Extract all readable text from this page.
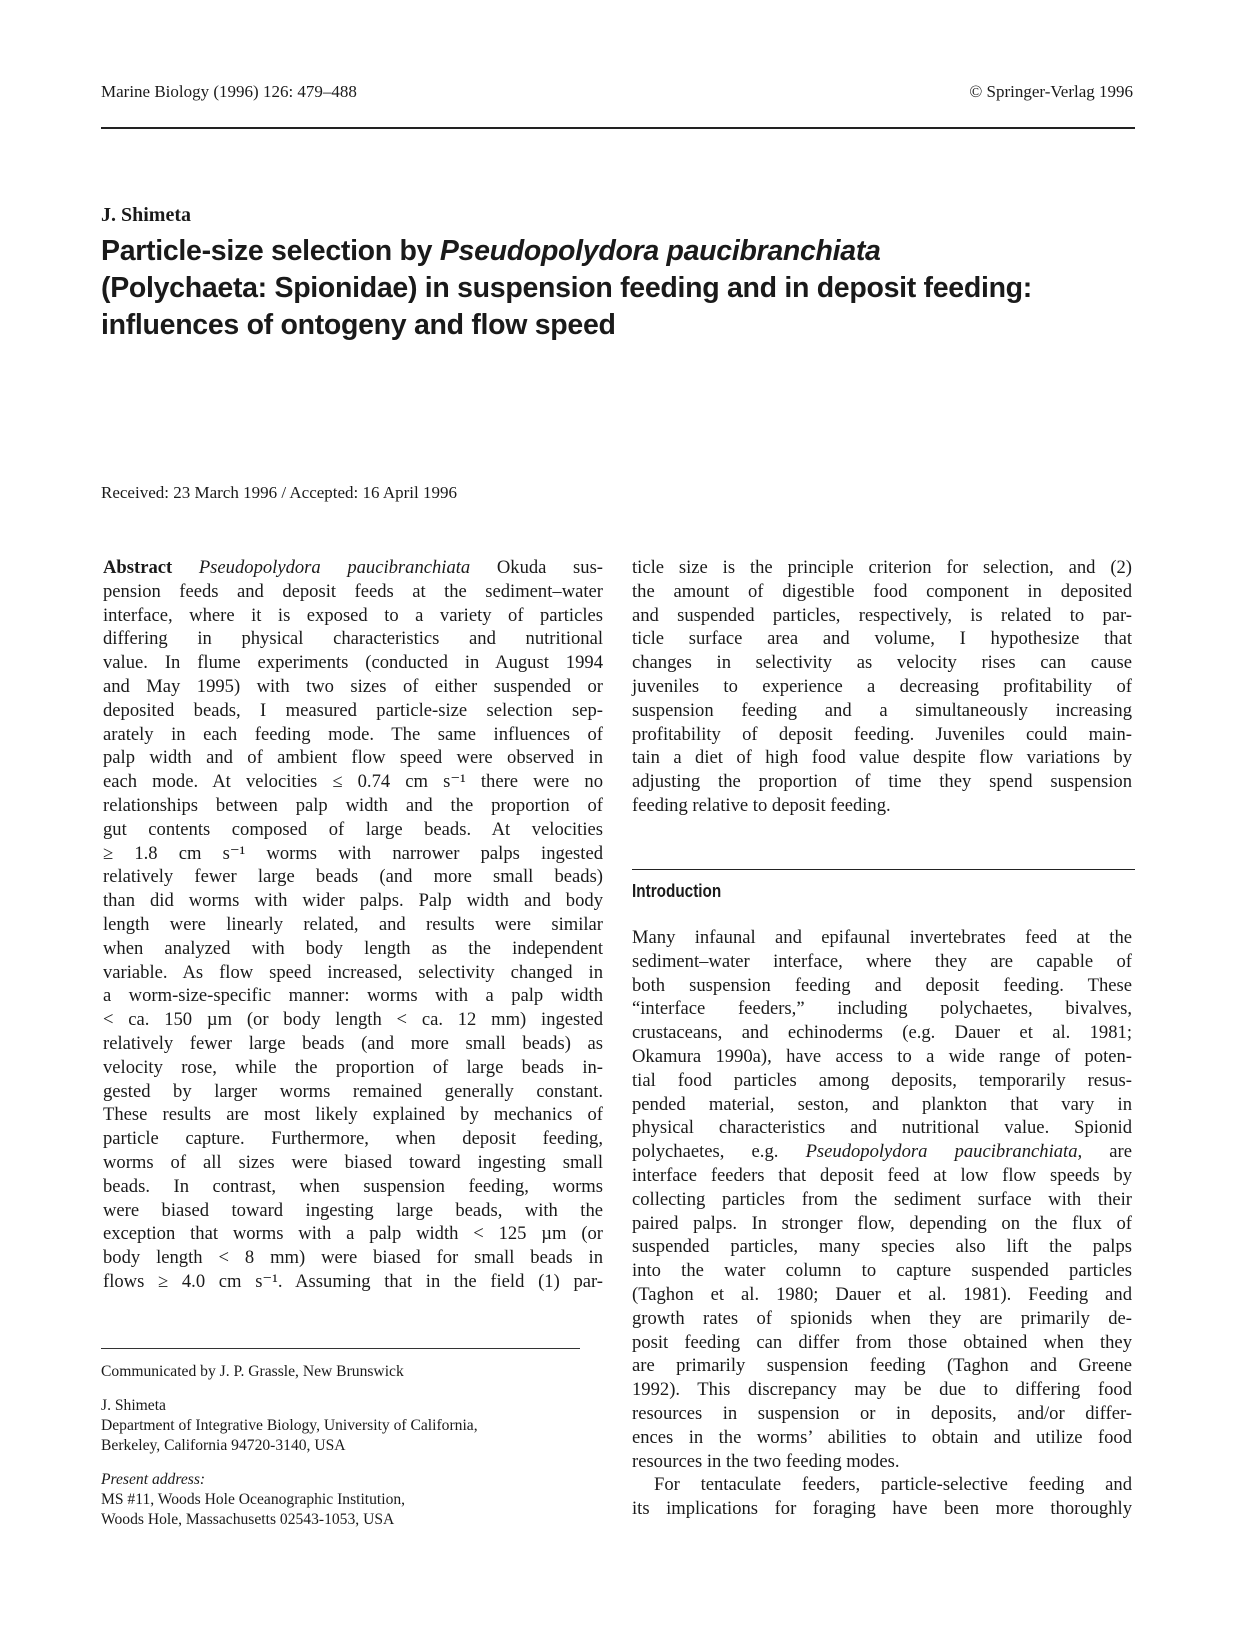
Marine Biology (1996) 126: 479–488	© Springer-Verlag 1996
J. Shimeta
Particle-size selection by Pseudopolydora paucibranchiata
(Polychaeta: Spionidae) in suspension feeding and in deposit feeding:
influences of ontogeny and flow speed
Received: 23 March 1996 / Accepted: 16 April 1996
Abstract Pseudopolydora paucibranchiata Okuda sus-
pension feeds and deposit feeds at the sediment–water
interface, where it is exposed to a variety of particles
differing in physical characteristics and nutritional
value. In flume experiments (conducted in August 1994
and May 1995) with two sizes of either suspended or
deposited beads, I measured particle-size selection sep-
arately in each feeding mode. The same influences of
palp width and of ambient flow speed were observed in
each mode. At velocities ≤ 0.74 cm s⁻¹ there were no
relationships between palp width and the proportion of
gut contents composed of large beads. At velocities
≥ 1.8 cm s⁻¹ worms with narrower palps ingested
relatively fewer large beads (and more small beads)
than did worms with wider palps. Palp width and body
length were linearly related, and results were similar
when analyzed with body length as the independent
variable. As flow speed increased, selectivity changed in
a worm-size-specific manner: worms with a palp width
< ca. 150 µm (or body length < ca. 12 mm) ingested
relatively fewer large beads (and more small beads) as
velocity rose, while the proportion of large beads in-
gested by larger worms remained generally constant.
These results are most likely explained by mechanics of
particle capture. Furthermore, when deposit feeding,
worms of all sizes were biased toward ingesting small
beads. In contrast, when suspension feeding, worms
were biased toward ingesting large beads, with the
exception that worms with a palp width < 125 µm (or
body length < 8 mm) were biased for small beads in
flows ≥ 4.0 cm s⁻¹. Assuming that in the field (1) par-
ticle size is the principle criterion for selection, and (2)
the amount of digestible food component in deposited
and suspended particles, respectively, is related to par-
ticle surface area and volume, I hypothesize that
changes in selectivity as velocity rises can cause
juveniles to experience a decreasing profitability of
suspension feeding and a simultaneously increasing
profitability of deposit feeding. Juveniles could main-
tain a diet of high food value despite flow variations by
adjusting the proportion of time they spend suspension
feeding relative to deposit feeding.
Introduction
Many infaunal and epifaunal invertebrates feed at the
sediment–water interface, where they are capable of
both suspension feeding and deposit feeding. These
“interface feeders,” including polychaetes, bivalves,
crustaceans, and echinoderms (e.g. Dauer et al. 1981;
Okamura 1990a), have access to a wide range of poten-
tial food particles among deposits, temporarily resus-
pended material, seston, and plankton that vary in
physical characteristics and nutritional value. Spionid
polychaetes, e.g. Pseudopolydora paucibranchiata, are
interface feeders that deposit feed at low flow speeds by
collecting particles from the sediment surface with their
paired palps. In stronger flow, depending on the flux of
suspended particles, many species also lift the palps
into the water column to capture suspended particles
(Taghon et al. 1980; Dauer et al. 1981). Feeding and
growth rates of spionids when they are primarily de-
posit feeding can differ from those obtained when they
are primarily suspension feeding (Taghon and Greene
1992). This discrepancy may be due to differing food
resources in suspension or in deposits, and/or differ-
ences in the worms’ abilities to obtain and utilize food
resources in the two feeding modes.
For tentaculate feeders, particle-selective feeding and
its implications for foraging have been more thoroughly
Communicated by J. P. Grassle, New Brunswick
J. Shimeta
Department of Integrative Biology, University of California,
Berkeley, California 94720-3140, USA
Present address:
MS #11, Woods Hole Oceanographic Institution,
Woods Hole, Massachusetts 02543-1053, USA
